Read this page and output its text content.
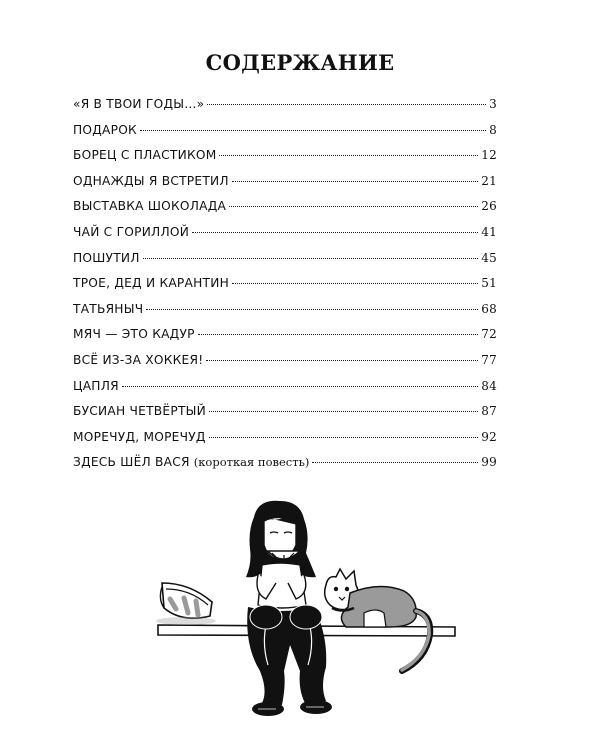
СОДЕРЖАНИЕ
«Я В ТВОИ ГОДЫ…»	3
ПОДАРОК	8
БОРЕЦ С ПЛАСТИКОМ	12
ОДНАЖДЫ Я ВСТРЕТИЛ	21
ВЫСТАВКА ШОКОЛАДА	26
ЧАЙ С ГОРИЛЛОЙ	41
ПОШУТИЛ	45
ТРОЕ, ДЕД И КАРАНТИН	51
ТАТЬЯНЫЧ	68
МЯЧ — ЭТО КАДУР	72
ВСЁ ИЗ-ЗА ХОККЕЯ!	77
ЦАПЛЯ	84
БУСИАН ЧЕТВЁРТЫЙ	87
МОРЕЧУД, МОРЕЧУД	92
ЗДЕСЬ ШЁЛ ВАСЯ (короткая повесть)	99
